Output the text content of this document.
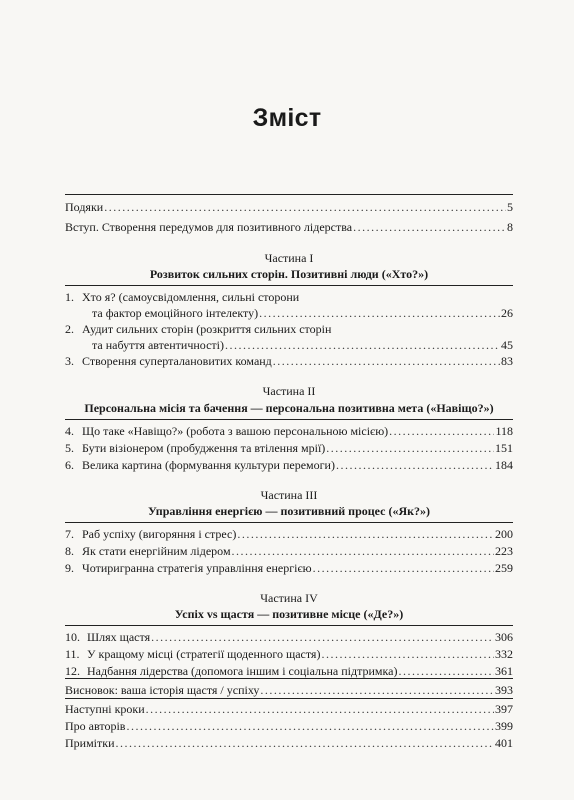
Зміст
Подяки .....	5
Вступ. Створення передумов для позитивного лідерства .....	8
Частина I
Розвиток сильних сторін. Позитивні люди («Хто?»)
1. Хто я? (самоусвідомлення, сильні сторони
та фактор емоційного інтелекту) .....	26
2. Аудит сильних сторін (розкриття сильних сторін
та набуття автентичності) .....	45
3. Створення суперталановитих команд .....	83
Частина II
Персональна місія та бачення — персональна позитивна мета («Навіщо?»)
4. Що таке «Навіщо?» (робота з вашою персональною місією) .....	118
5. Бути візіонером (пробудження та втілення мрії) .....	151
6. Велика картина (формування культури перемоги) .....	184
Частина III
Управління енергією — позитивний процес («Як?»)
7. Раб успіху (вигоряння і стрес) .....	200
8. Як стати енергійним лідером .....	223
9. Чотиригранна стратегія управління енергією .....	259
Частина IV
Успіх vs щастя — позитивне місце («Де?»)
10. Шлях щастя .....	306
11. У кращому місці (стратегії щоденного щастя) .....	332
12. Надбання лідерства (допомога іншим і соціальна підтримка) .....	361
Висновок: ваша історія щастя / успіху .....	393
Наступні кроки .....	397
Про авторів .....	399
Примітки .....	401
